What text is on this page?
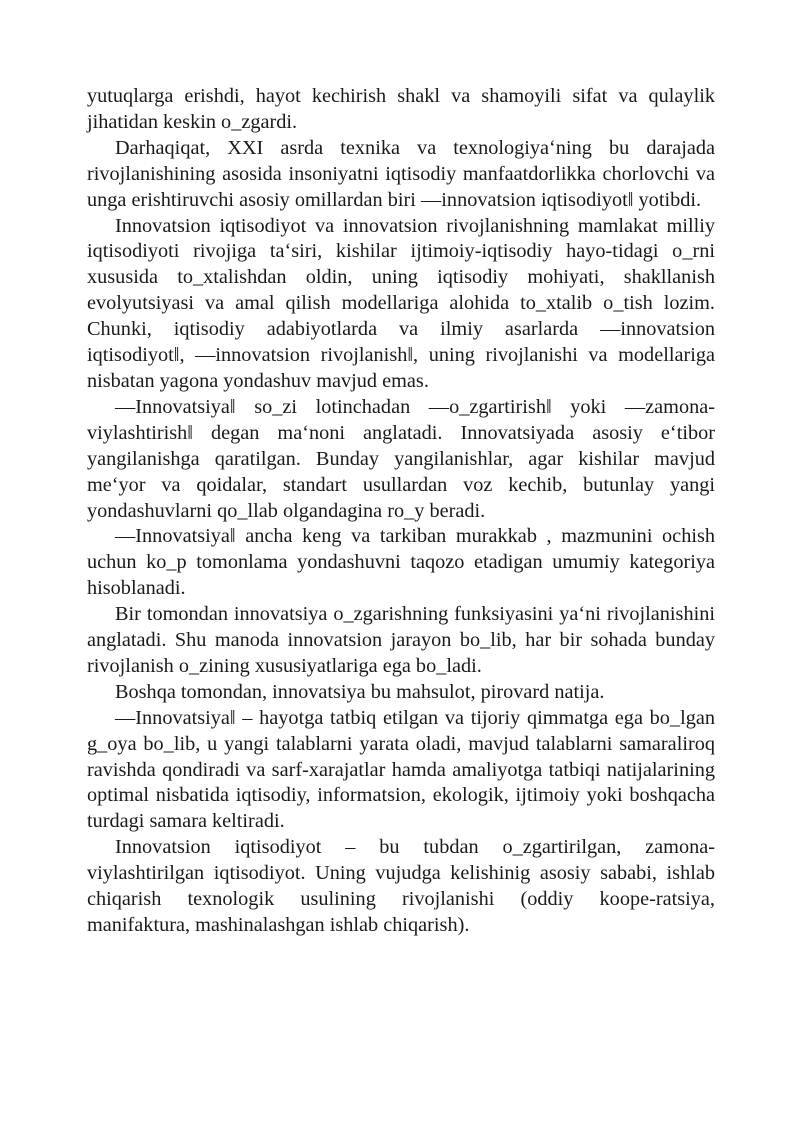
yutuqlarga erishdi, hayot kechirish shakl va shamoyili sifat va qulaylik jihatidan keskin o_zgardi.

Darhaqiqat, XXI asrda texnika va texnologiya‘ning bu darajada rivojlanishining asosida insoniyatni iqtisodiy manfaatdorlikka chorlovchi va unga erishtiruvchi asosiy omillardan biri ―innovatsion iqtisodiyot‖ yotibdi.

Innovatsion iqtisodiyot va innovatsion rivojlanishning mamlakat milliy iqtisodiyoti rivojiga ta‘siri, kishilar ijtimoiy-iqtisodiy hayo-tidagi o_rni xususida to_xtalishdan oldin, uning iqtisodiy mohiyati, shakllanish evolyutsiyasi va amal qilish modellariga alohida to_xtalib o_tish lozim. Chunki, iqtisodiy adabiyotlarda va ilmiy asarlarda ―innovatsion iqtisodiyot‖, ―innovatsion rivojlanish‖, uning rivojlanishi va modellariga nisbatan yagona yondashuv mavjud emas.

―Innovatsiya‖ so_zi lotinchadan ―o_zgartirish‖ yoki ―zamona-viylashtirish‖ degan ma‘noni anglatadi. Innovatsiyada asosiy e‘tibor yangilanishga qaratilgan. Bunday yangilanishlar, agar kishilar mavjud me‘yor va qoidalar, standart usullardan voz kechib, butunlay yangi yondashuvlarni qo_llab olgandagina ro_y beradi.

―Innovatsiya‖ ancha keng va tarkiban murakkab , mazmunini ochish uchun ko_p tomonlama yondashuvni taqozo etadigan umumiy kategoriya hisoblanadi.

Bir tomondan innovatsiya o_zgarishning funksiyasini ya‘ni rivojlanishini anglatadi. Shu manoda innovatsion jarayon bo_lib, har bir sohada bunday rivojlanish o_zining xususiyatlariga ega bo_ladi.

Boshqa tomondan, innovatsiya bu mahsulot, pirovard natija.

―Innovatsiya‖ – hayotga tatbiq etilgan va tijoriy qimmatga ega bo_lgan g_oya bo_lib, u yangi talablarni yarata oladi, mavjud talablarni samaraliroq ravishda qondiradi va sarf-xarajatlar hamda amaliyotga tatbiqi natijalarining optimal nisbatida iqtisodiy, informatsion, ekologik, ijtimoiy yoki boshqacha turdagi samara keltiradi.

Innovatsion iqtisodiyot – bu tubdan o_zgartirilgan, zamona-viylashtirilgan iqtisodiyot. Uning vujudga kelishinig asosiy sababi, ishlab chiqarish texnologik usulining rivojlanishi (oddiy koope-ratsiya, manifaktura, mashinalashgan ishlab chiqarish).
